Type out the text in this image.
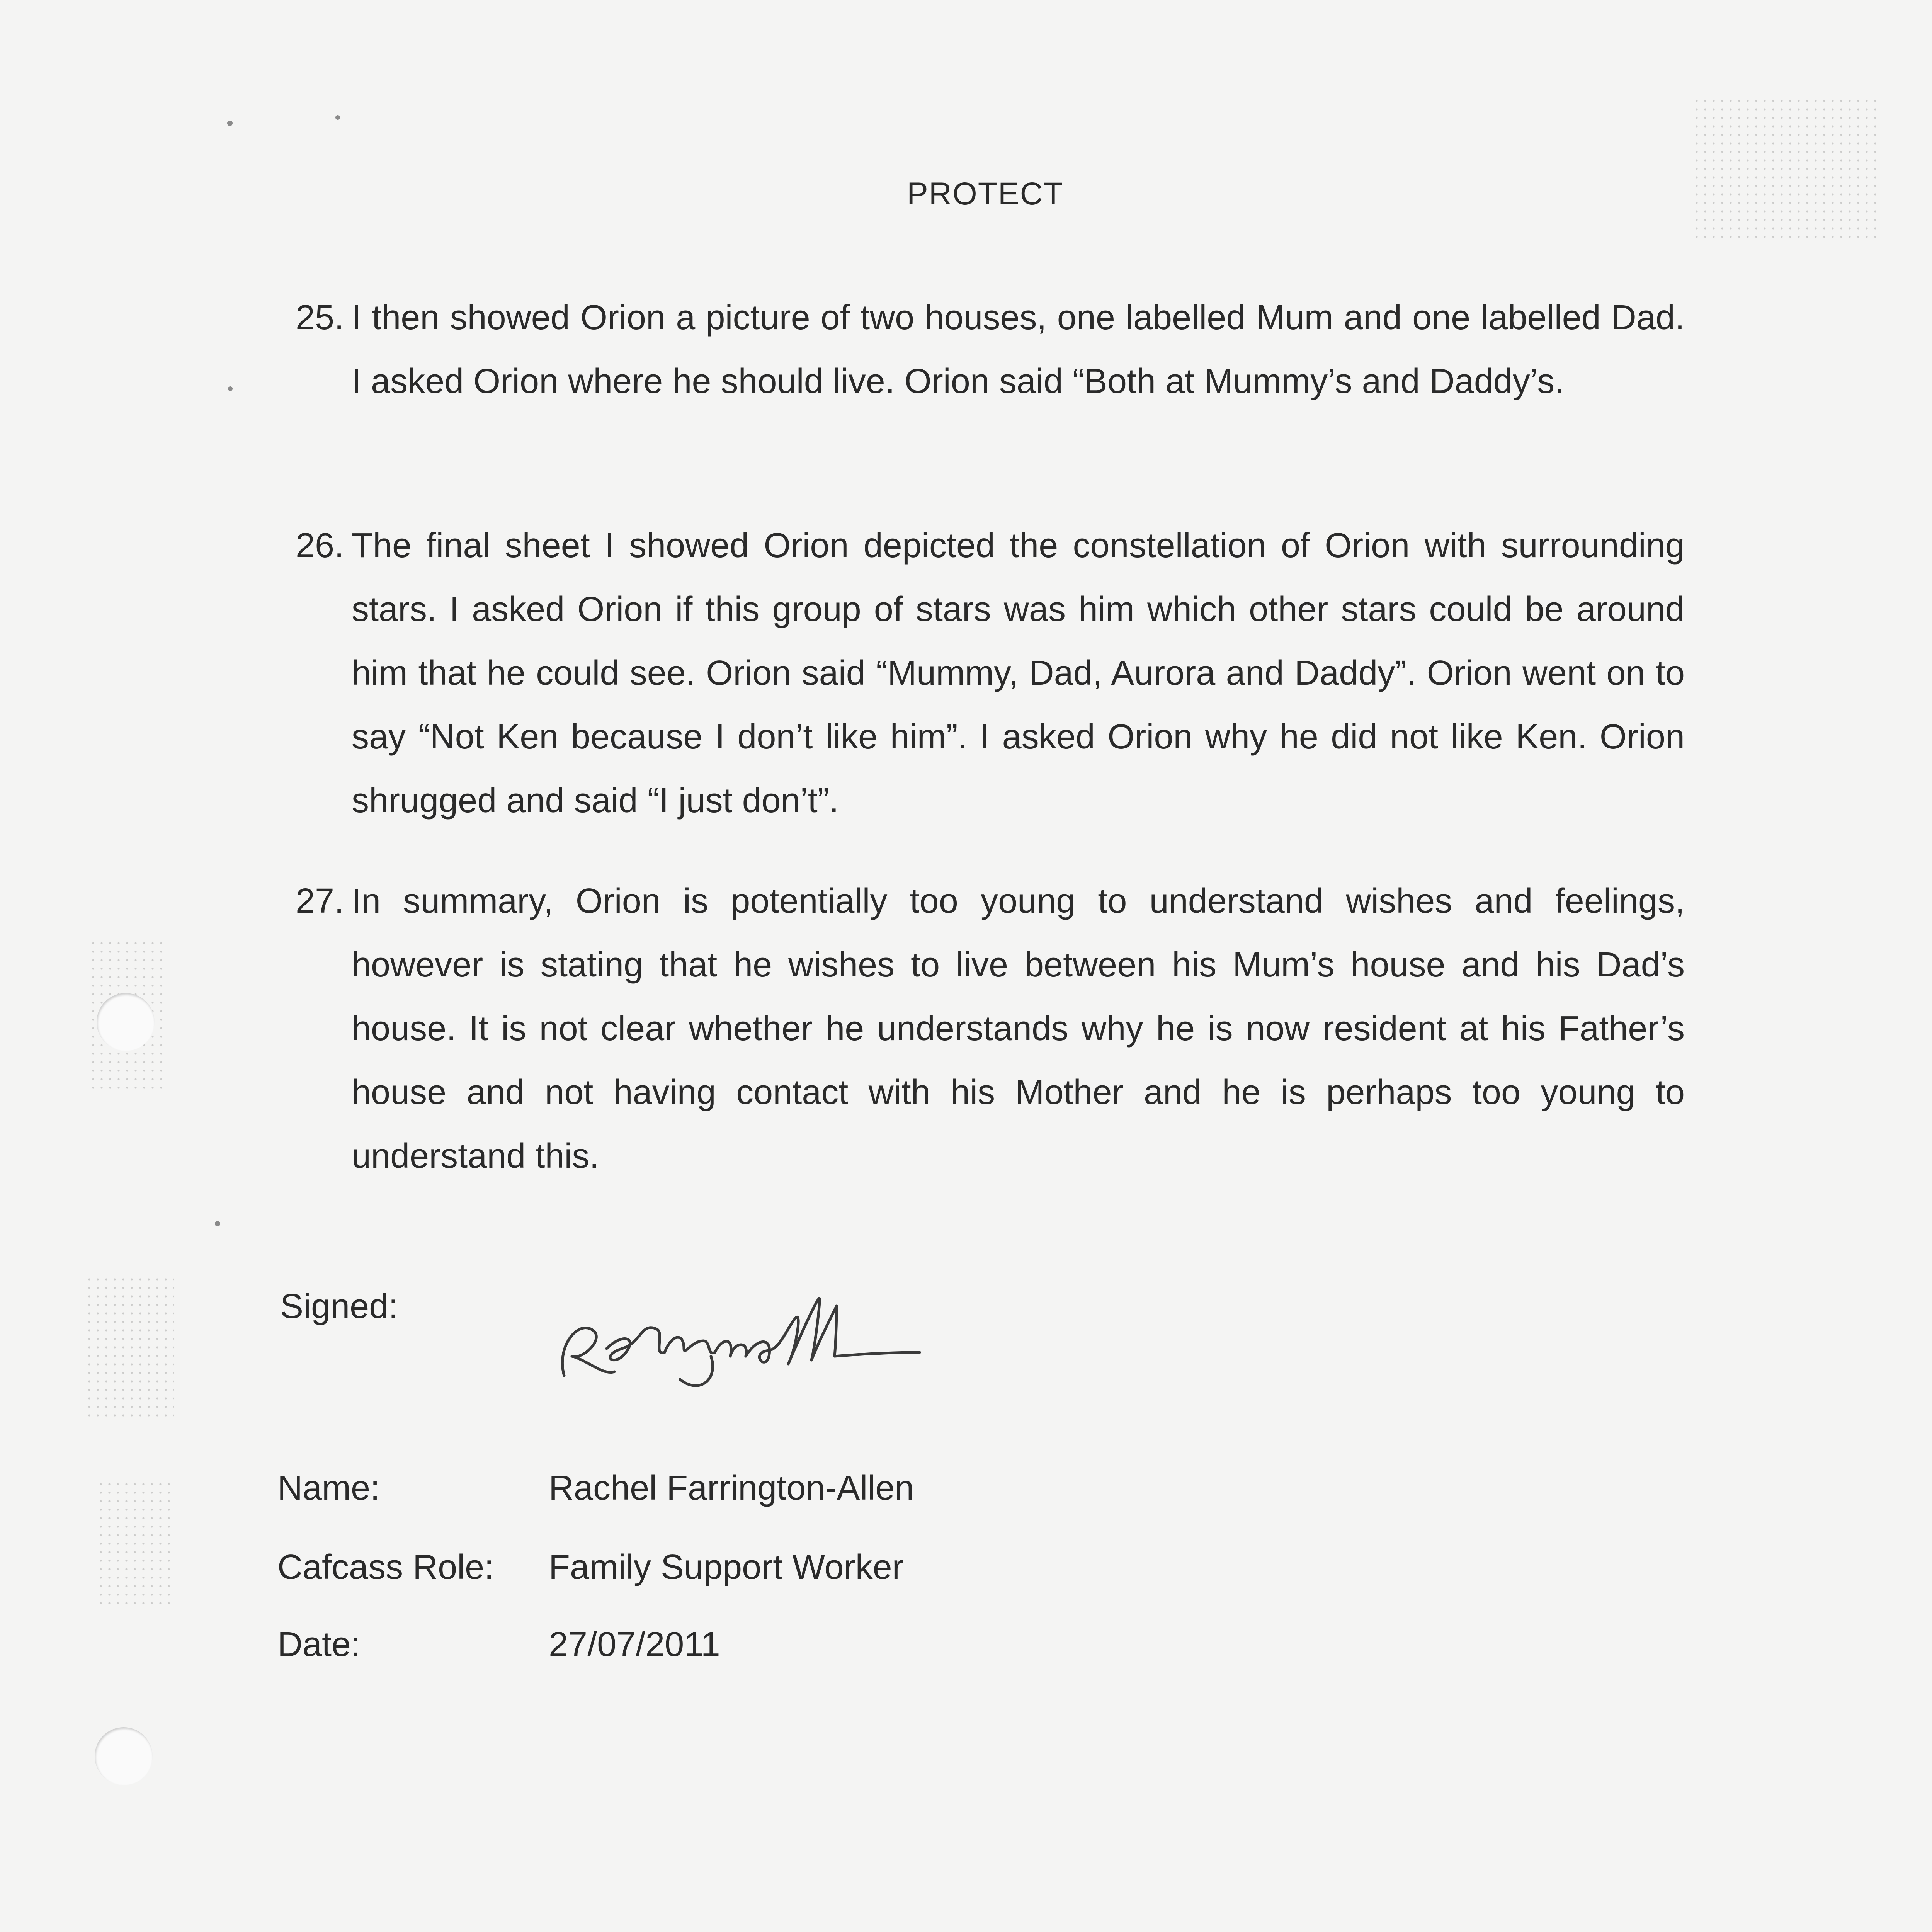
PROTECT
25. I then showed Orion a picture of two houses, one labelled Mum and one labelled Dad. I asked Orion where he should live. Orion said “Both at Mummy’s and Daddy’s.
26. The final sheet I showed Orion depicted the constellation of Orion with surrounding stars. I asked Orion if this group of stars was him which other stars could be around him that he could see. Orion said “Mummy, Dad, Aurora and Daddy”. Orion went on to say “Not Ken because I don’t like him”. I asked Orion why he did not like Ken. Orion shrugged and said “I just don’t”.
27. In summary, Orion is potentially too young to understand wishes and feelings, however is stating that he wishes to live between his Mum’s house and his Dad’s house. It is not clear whether he understands why he is now resident at his Father’s house and not having contact with his Mother and he is perhaps too young to understand this.
Signed:
Name:	Rachel Farrington-Allen
Cafcass Role: Family Support Worker
Date:	27/07/2011
